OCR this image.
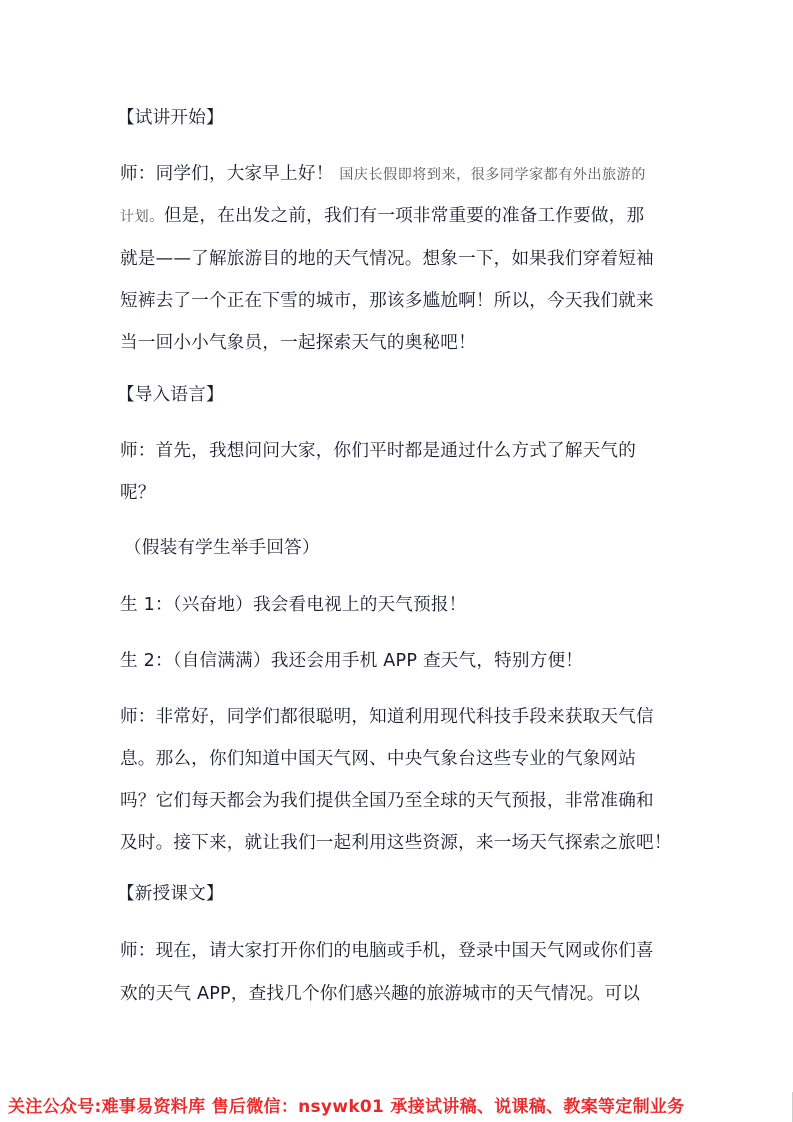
【试讲开始】
师：同学们，大家早上好！ 国庆长假即将到来，很多同学家都有外出旅游的
计划。但是，在出发之前，我们有一项非常重要的准备工作要做，那
就是——了解旅游目的地的天气情况。想象一下，如果我们穿着短袖
短裤去了一个正在下雪的城市，那该多尴尬啊！所以，今天我们就来
当一回小小气象员，一起探索天气的奥秘吧！
【导入语言】
师：首先，我想问问大家，你们平时都是通过什么方式了解天气的
呢？
（假装有学生举手回答）
生 1：（兴奋地）我会看电视上的天气预报！
生 2：（自信满满）我还会用手机 APP 查天气，特别方便！
师：非常好，同学们都很聪明，知道利用现代科技手段来获取天气信
息。那么，你们知道中国天气网、中央气象台这些专业的气象网站
吗？它们每天都会为我们提供全国乃至全球的天气预报，非常准确和
及时。接下来，就让我们一起利用这些资源，来一场天气探索之旅吧！
【新授课文】
师：现在，请大家打开你们的电脑或手机，登录中国天气网或你们喜
欢的天气 APP，查找几个你们感兴趣的旅游城市的天气情况。可以
关注公众号:难事易资料库 售后微信：nsywk01 承接试讲稿、说课稿、教案等定制业务
